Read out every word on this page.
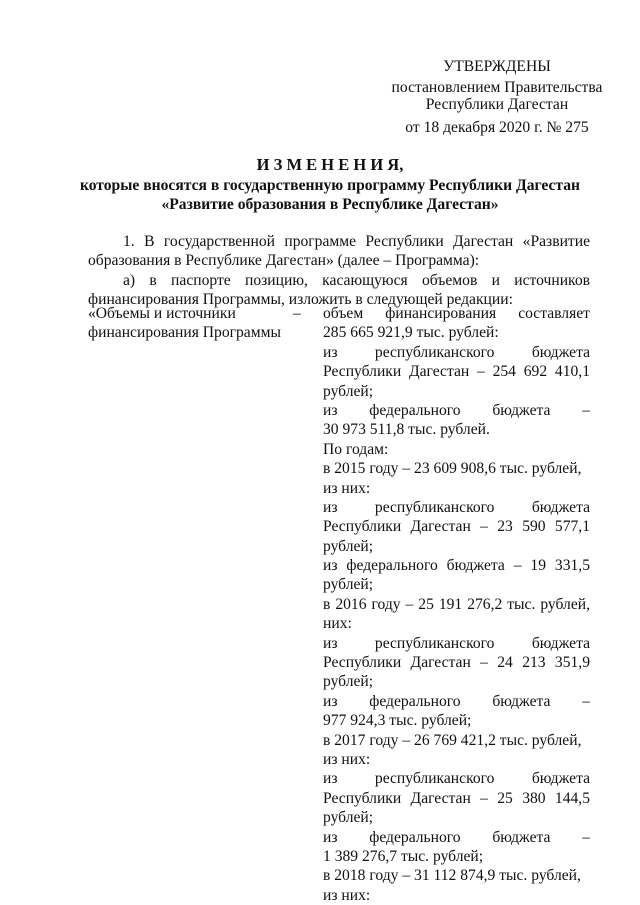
УТВЕРЖДЕНЫ
постановлением Правительства
Республики Дагестан
от 18 декабря 2020 г. № 275
И З М Е Н Е Н И Я,
которые вносятся в государственную программу Республики Дагестан
«Развитие образования в Республике Дагестан»
1. В государственной программе Республики Дагестан «Развитие
образования в Республике Дагестан» (далее – Программа):
а) в паспорте позицию, касающуюся объемов и источников
финансирования Программы, изложить в следующей редакции:
«Объемы и источники
финансирования Программы
– объем финансирования составляет
285 665 921,9 тыс. рублей:
из республиканского бюджета
Республики Дагестан – 254 692 410,1
рублей;
из федерального бюджета –
30 973 511,8 тыс. рублей.
По годам:
в 2015 году – 23 609 908,6 тыс. рублей,
из них:
из республиканского бюджета
Республики Дагестан – 23 590 577,1
рублей;
из федерального бюджета – 19 331,5
рублей;
в 2016 году – 25 191 276,2 тыс. рублей,
них:
из республиканского бюджета
Республики Дагестан – 24 213 351,9
рублей;
из федерального бюджета –
977 924,3 тыс. рублей;
в 2017 году – 26 769 421,2 тыс. рублей,
из них:
из республиканского бюджета
Республики Дагестан – 25 380 144,5
рублей;
из федерального бюджета –
1 389 276,7 тыс. рублей;
в 2018 году – 31 112 874,9 тыс. рублей,
из них:
